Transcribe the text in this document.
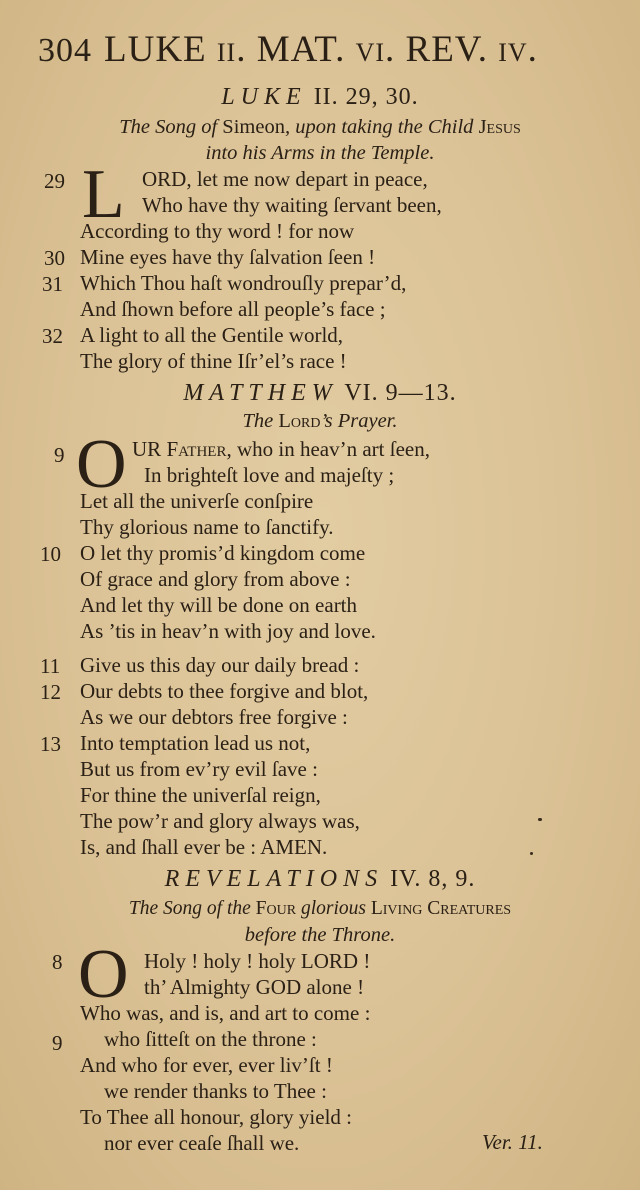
304 LUKE ii. MAT. vi. REV. iv.
LUKE II. 29, 30.
The Song of Simeon, upon taking the Child Jesus
into his Arms in the Temple.
L
29	ORD, let me now depart in peace,
Who have thy waiting ſervant been,
According to thy word ! for now
30 Mine eyes have thy ſalvation ſeen !
31 Which Thou haſt wondrouſly prepar’d,
And ſhown before all people’s face ;
32 A light to all the Gentile world,
The glory of thine Iſr’el’s race !
MATTHEW VI. 9—13.
The Lord’s Prayer.
O
9	UR Father, who in heav’n art ſeen,
In brighteſt love and majeſty ;
Let all the univerſe conſpire
Thy glorious name to ſanctify.
10 O let thy promis’d kingdom come
Of grace and glory from above :
And let thy will be done on earth
As ’tis in heav’n with joy and love.
11 Give us this day our daily bread :
12 Our debts to thee forgive and blot,
As we our debtors free forgive :
13 Into temptation lead us not,
But us from ev’ry evil ſave :
For thine the univerſal reign,
The pow’r and glory always was,
Is, and ſhall ever be : AMEN.
REVELATIONS IV. 8, 9.
The Song of the Four glorious Living Creatures
before the Throne.
O
8	Holy ! holy ! holy LORD !
th’ Almighty GOD alone !
Who was, and is, and art to come :
9 who ſitteſt on the throne :
And who for ever, ever liv’ſt !
we render thanks to Thee :
To Thee all honour, glory yield :
nor ever ceaſe ſhall we.	Ver. 11.
